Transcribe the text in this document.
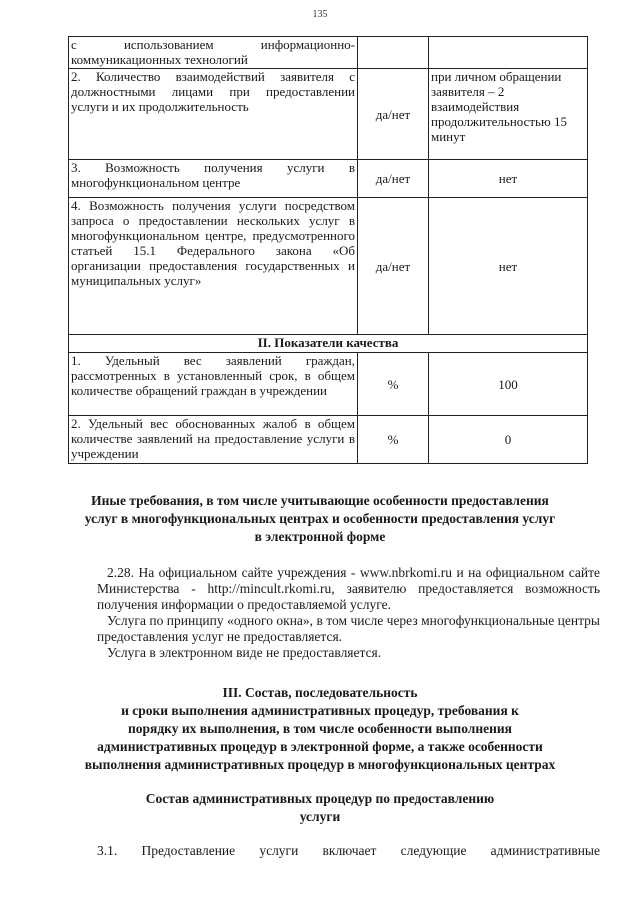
135
с использованием информационно-коммуникационных технологий		
2. Количество взаимодействий заявителя с должностными лицами при предоставлении услуги и их продолжительность	да/нет	при личном обращении заявителя – 2 взаимодействия продолжительностью 15 минут
3. Возможность получения услуги в многофункциональном центре	да/нет	нет
4. Возможность получения услуги посредством запроса о предоставлении нескольких услуг в многофункциональном центре, предусмотренного статьей 15.1 Федерального закона «Об организации предоставления государственных и муниципальных услуг»	да/нет	нет
II. Показатели качества		
1. Удельный вес заявлений граждан, рассмотренных в установленный срок, в общем количестве обращений граждан в учреждении	%	100
2. Удельный вес обоснованных жалоб в общем количестве заявлений на предоставление услуги в учреждении	%	0
Иные требования, в том числе учитывающие особенности предоставления
услуг в многофункциональных центрах и особенности предоставления услуг
в электронной форме

2.28. На официальном сайте учреждения - www.nbrkomi.ru и на официальном сайте Министерства - http://mincult.rkomi.ru, заявителю предоставляется возможность получения информации о предоставляемой услуге.

Услуга по принципу «одного окна», в том числе через многофункциональные центры предоставления услуг не предоставляется.

Услуга в электронном виде не предоставляется.

III. Состав, последовательность
и сроки выполнения административных процедур, требования к
порядку их выполнения, в том числе особенности выполнения
административных процедур в электронной форме, а также особенности
выполнения административных процедур в многофункциональных центрах
Состав административных процедур по предоставлению
услуги
3.1. Предоставление услуги включает следующие административные
